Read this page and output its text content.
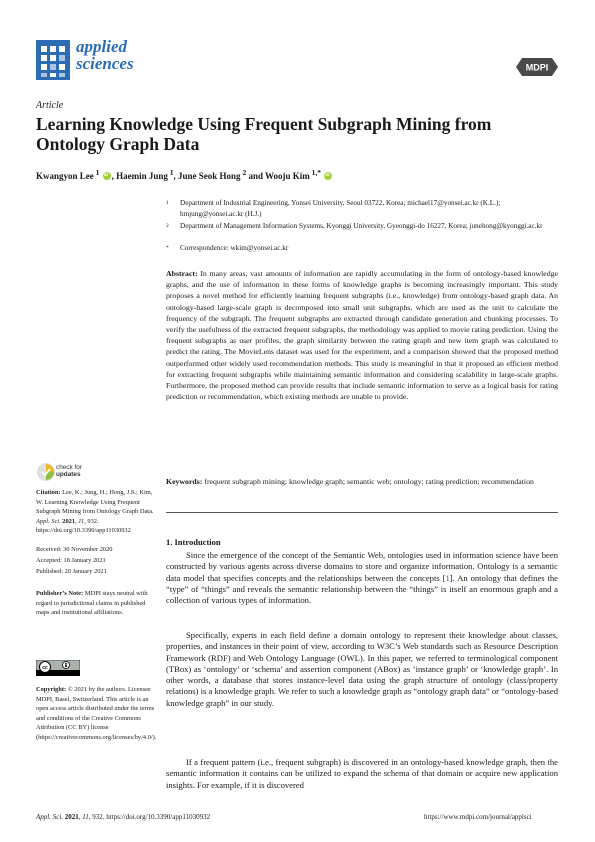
applied
sciences	MDPI
Article
Learning Knowledge Using Frequent Subgraph Mining from Ontology Graph Data
Kwangyon Lee $^1$ iD , Haemin Jung $^1$, June Seok Hong $^2$ and Wooju Kim $^{1,*}$ iD
1 Department of Industrial Engineering, Yonsei University, Seoul 03722, Korea; michael17@yonsei.ac.kr (K.L.); hmjung@yonsei.ac.kr (H.J.)
2 Department of Management Information Systems, Kyonggi University, Gyeonggi-do 16227, Korea; junehong@kyonggi.ac.kr
* Correspondence: wkim@yonsei.ac.kr
Abstract: In many areas, vast amounts of information are rapidly accumulating in the form of ontology-based knowledge graphs, and the use of information in these forms of knowledge graphs is becoming increasingly important. This study proposes a novel method for efficiently learning frequent subgraphs (i.e., knowledge) from ontology-based graph data. An ontology-based large-scale graph is decomposed into small unit subgraphs, which are used as the unit to calculate the frequency of the subgraph. The frequent subgraphs are extracted through candidate generation and chunking processes. To verify the usefulness of the extracted frequent subgraphs, the methodology was applied to movie rating prediction. Using the frequent subgraphs as user profiles, the graph similarity between the rating graph and new item graph was calculated to predict the rating. The MovieLens dataset was used for the experiment, and a comparison showed that the proposed method outperformed other widely used recommendation methods. This study is meaningful in that it proposed an efficient method for extracting frequent subgraphs while maintaining semantic information and considering scalability in large-scale graphs. Furthermore, the proposed method can provide results that include semantic information to serve as a logical basis for rating prediction or recommendation, which existing methods are unable to provide.
Keywords: frequent subgraph mining; knowledge graph; semantic web; ontology; rating prediction; recommendation
1. Introduction
Since the emergence of the concept of the Semantic Web, ontologies used in information science have been constructed by various agents across diverse domains to store and organize information. Ontology is a semantic data model that specifies concepts and the relationships between the concepts [1]. An ontology that defines the “type” of “things” and reveals the semantic relationship between the “things” is itself an enormous graph and a collection of various types of information.
Specifically, experts in each field define a domain ontology to represent their knowledge about classes, properties, and instances in their point of view, according to W3C’s Web standards such as Resource Description Framework (RDF) and Web Ontology Language (OWL). In this paper, we referred to terminological component (TBox) as ‘ontology’ or ‘schema’ and assertion component (ABox) as ‘instance graph’ or ‘knowledge graph’. In other words, a database that stores instance-level data using the graph structure of ontology (class/property relations) is a knowledge graph. We refer to such a knowledge graph as “ontology graph data” or “ontology-based knowledge graph” in our study.
If a frequent pattern (i.e., frequent subgraph) is discovered in an ontology-based knowledge graph, then the semantic information it contains can be utilized to expand the schema of that domain or acquire new application insights. For example, if it is discovered
check for
updates
Citation: Lee, K.; Jung, H.; Hong, J.S.; Kim, W. Learning Knowledge Using Frequent Subgraph Mining from Ontology Graph Data. Appl. Sci. 2021, 11, 932. https://doi.org/10.3390/app11030932
Received: 30 November 2020
Accepted: 18 January 2021
Published: 20 January 2021
Publisher’s Note: MDPI stays neutral with regard to jurisdictional claims in published maps and institutional affiliations.
cc
Copyright: © 2021 by the authors. Licensee MDPI, Basel, Switzerland. This article is an open access article distributed under the terms and conditions of the Creative Commons Attribution (CC BY) license (https://creativecommons.org/licenses/by/4.0/).
Appl. Sci. 2021, 11, 932. https://doi.org/10.3390/app11030932	https://www.mdpi.com/journal/applsci
